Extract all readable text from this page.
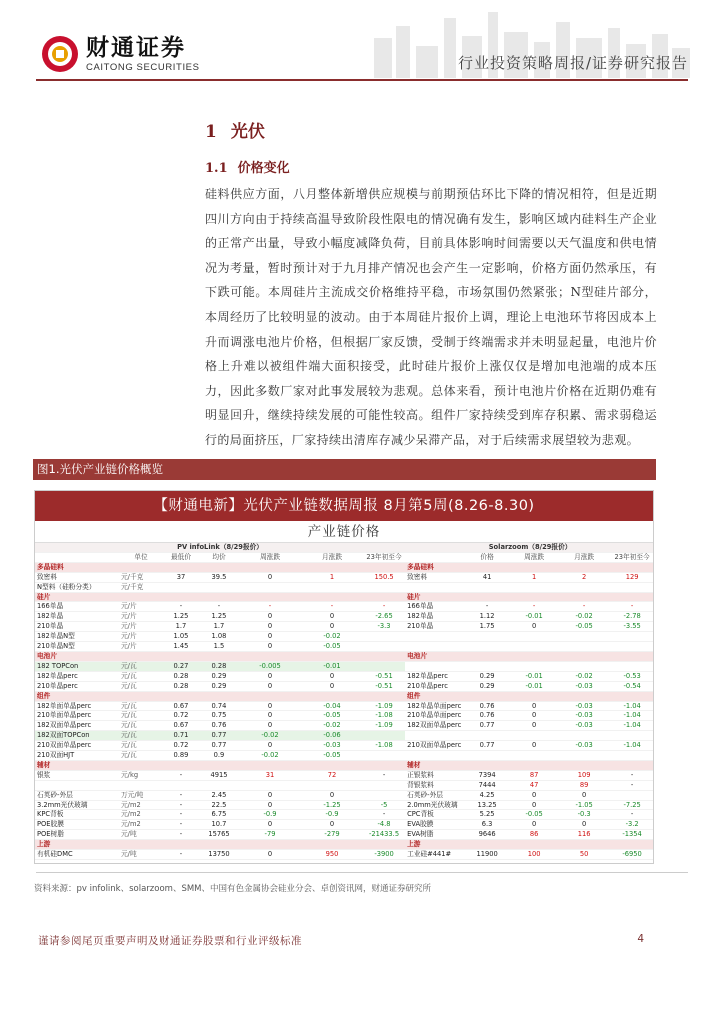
财通证券
CAITONG SECURITIES	行业投资策略周报/证券研究报告
1 光伏
1.1 价格变化
硅料供应方面，八月整体新增供应规模与前期预估环比下降的情况相符，但是近期四川方向由于持续高温导致阶段性限电的情况确有发生，影响区域内硅料生产企业的正常产出量，导致小幅度减降负荷，目前具体影响时间需要以天气温度和供电情况为考量，暂时预计对于九月排产情况也会产生一定影响，价格方面仍然承压，有下跌可能。本周硅片主流成交价格维持平稳，市场氛围仍然紧张；N型硅片部分，本周经历了比较明显的波动。由于本周硅片报价上调，理论上电池环节将因成本上升而调涨电池片价格，但根据厂家反馈，受制于终端需求并未明显起量，电池片价格上升难以被组件端大面积接受，此时硅片报价上涨仅仅是增加电池端的成本压力，因此多数厂家对此事发展较为悲观。总体来看，预计电池片价格在近期仍难有明显回升，继续持续发展的可能性较高。组件厂家持续受到库存积累、需求弱稳运行的局面挤压，厂家持续出清库存减少呆滞产品，对于后续需求展望较为悲观。
图1.光伏产业链价格概览
【财通电新】光伏产业链数据周报 8月第5周(8.26-8.30)
产业链价格
PV infoLink（8/29报价）							Solarzoom（8/29报价）				
	单位	最低价	均价	周涨跌	月涨跌	23年初至今		价格	周涨跌	月涨跌	23年初至今
多晶硅料							多晶硅料				
致密料	元/千克	37	39.5	0	1	150.5	致密料	41	1	2	129
N型料（硅粉分类）	元/千克										
硅片							硅片				
166单晶	元/片	-	-	-	-	-	166单晶	-	-	-	-
182单晶	元/片	1.25	1.25	0	0	-2.65	182单晶	1.12	-0.01	-0.02	-2.78
210单晶	元/片	1.7	1.7	0	0	-3.3	210单晶	1.75	0	-0.05	-3.55
182单晶N型	元/片	1.05	1.08	0	-0.02						
210单晶N型	元/片	1.45	1.5	0	-0.05						
电池片							电池片				
182 TOPCon	元/瓦	0.27	0.28	-0.005	-0.01						
182单晶perc	元/瓦	0.28	0.29	0	0	-0.51	182单晶perc	0.29	-0.01	-0.02	-0.53
210单晶perc	元/瓦	0.28	0.29	0	0	-0.51	210单晶perc	0.29	-0.01	-0.03	-0.54
组件							组件				
182单面单晶perc	元/瓦	0.67	0.74	0	-0.04	-1.09	182单晶单面perc	0.76	0	-0.03	-1.04
210单面单晶perc	元/瓦	0.72	0.75	0	-0.05	-1.08	210单晶单面perc	0.76	0	-0.03	-1.04
182双面单晶perc	元/瓦	0.67	0.76	0	-0.02	-1.09	182双面单晶perc	0.77	0	-0.03	-1.04
182双面TOPCon	元/瓦	0.71	0.77	-0.02	-0.06						
210双面单晶perc	元/瓦	0.72	0.77	0	-0.03	-1.08	210双面单晶perc	0.77	0	-0.03	-1.04
210双面HJT	元/瓦	0.89	0.9	-0.02	-0.05						
辅材							辅材				
银浆	元/kg	-	4915	31	72	-	正银浆料	7394	87	109	-
							背银浆料	7444	47	89	-
石英砂-外层	万元/吨	-	2.45	0	0		石英砂-外层	4.25	0	0	
3.2mm光伏玻璃	元/m2	-	22.5	0	-1.25	-5	2.0mm光伏玻璃	13.25	0	-1.05	-7.25
KPC背板	元/m2	-	6.75	-0.9	-0.9	-	CPC背板	5.25	-0.05	-0.3	-
POE胶膜	元/m2	-	10.7	0	0	-4.8	EVA胶膜	6.3	0	0	-3.2
POE树脂	元/吨	-	15765	-79	-279	-21433.5	EVA树脂	9646	86	116	-1354
上游							上游				
有机硅DMC	元/吨	-	13750	0	950	-3900	工业硅#441#	11900	100	50	-6950
资料来源：pv infolink、solarzoom、SMM、中国有色金属协会硅业分会、卓创资讯网，财通证券研究所
谨请参阅尾页重要声明及财通证券股票和行业评级标准	4
